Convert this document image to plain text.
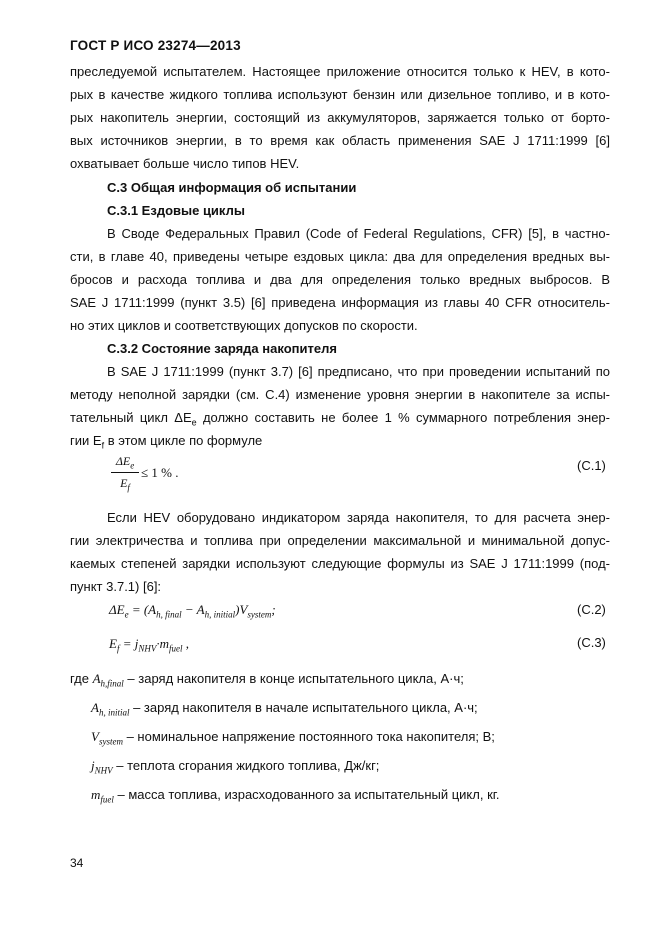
ГОСТ Р ИСО 23274—2013
преследуемой испытателем. Настоящее приложение относится только к HEV, в кото-
рых в качестве жидкого топлива используют бензин или дизельное топливо, и в кото-
рых накопитель энергии, состоящий из аккумуляторов, заряжается только от борто-
вых источников энергии, в то время как область применения SAE J 1711:1999 [6]
охватывает больше число типов HEV.
С.3 Общая информация об испытании
С.3.1 Ездовые циклы
В Своде Федеральных Правил (Code of Federal Regulations, CFR) [5], в частно-
сти, в главе 40, приведены четыре ездовых цикла: два для определения вредных вы-
бросов и расхода топлива и два для определения только вредных выбросов. В
SAE J 1711:1999 (пункт 3.5) [6] приведена информация из главы 40 CFR относитель-
но этих циклов и соответствующих допусков по скорости.
С.3.2 Состояние заряда накопителя
В SAE J 1711:1999 (пункт 3.7) [6] предписано, что при проведении испытаний по
методу неполной зарядки (см. С.4) изменение уровня энергии в накопителе за испы-
тательный цикл $\Delta E_e$ должно составить не более 1 % суммарного потребления энер-
гии $E_f$ в этом цикле по формуле
$\Delta E_e$
$E_f$
≤ 1 % .	(С.1)
Если HEV оборудовано индикатором заряда накопителя, то для расчета энер-
гии электричества и топлива при определении максимальной и минимальной допус-
каемых степеней зарядки используют следующие формулы из SAE J 1711:1999 (под-
пункт 3.7.1) [6]:
$\Delta E_e = (A_{h, final} - A_{h, initial})V_{system}$;	(С.2)
$E_f = j_{NHV}\cdot m_{fuel}$ ,	(С.3)
где $A_{h,final}$ – заряд накопителя в конце испытательного цикла, А·ч;
$A_{h, initial}$ – заряд накопителя в начале испытательного цикла, А·ч;
$V_{system}$ – номинальное напряжение постоянного тока накопителя; В;
$j_{NHV}$ – теплота сгорания жидкого топлива, Дж/кг;
$m_{fuel}$ – масса топлива, израсходованного за испытательный цикл, кг.
34
